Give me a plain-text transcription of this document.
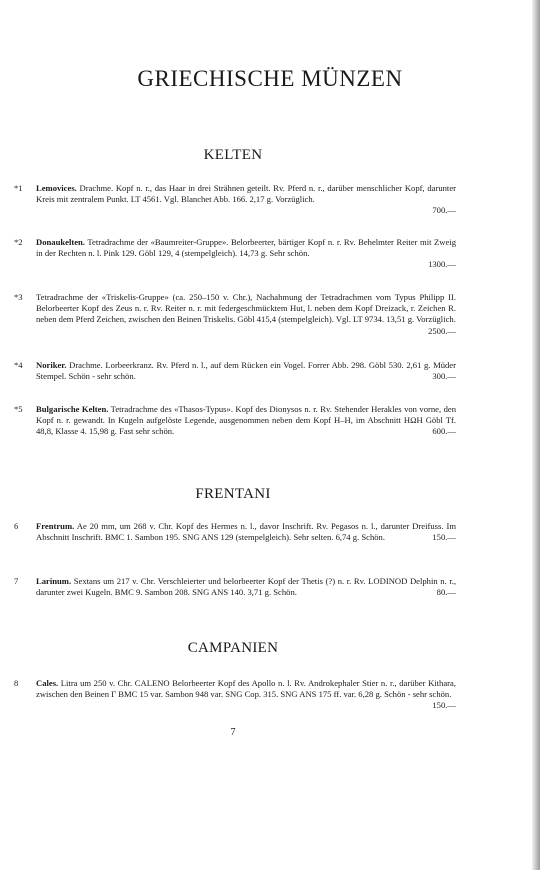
GRIECHISCHE MÜNZEN
KELTEN
*1	Lemovices. Drachme. Kopf n. r., das Haar in drei Strähnen geteilt. Rv. Pferd n. r., darüber menschlicher Kopf, darunter Kreis mit zentralem Punkt. LT 4561. Vgl. Blanchet Abb. 166. 2,17 g. Vorzüglich.
700.—
*2	Donaukelten. Tetradrachme der «Baumreiter-Gruppe». Belorbeerter, bärtiger Kopf n. r. Rv. Behelmter Reiter mit Zweig in der Rechten n. l. Pink 129. Göbl 129, 4 (stempelgleich). 14,73 g. Sehr schön.
1300.—
*3	Tetradrachme der «Triskelis-Gruppe» (ca. 250–150 v. Chr.), Nachahmung der Tetradrachmen vom Typus Philipp II. Belorbeerter Kopf des Zeus n. r. Rv. Reiter n. r. mit federgeschmücktem Hut, l. neben dem Kopf Dreizack, r. Zeichen R. neben dem Pferd Zeichen, zwischen den Beinen Triskelis. Göbl 415,4 (stempelgleich). Vgl. LT 9734. 13,51 g. Vorzüglich.
2500.—
*4	Noriker. Drachme. Lorbeerkranz. Rv. Pferd n. l., auf dem Rücken ein Vogel. Forrer Abb. 298. Göbl 530. 2,61 g. Müder Stempel. Schön - sehr schön.	300.—
*5	Bulgarische Kelten. Tetradrachme des «Thasos-Typus». Kopf des Dionysos n. r. Rv. Stehender Herakles von vorne, den Kopf n. r. gewandt. In Kugeln aufgelöste Legende, ausgenommen neben dem Kopf H–H, im Abschnitt HΩH Göbl Tf. 48,8, Klasse 4. 15,98 g. Fast sehr schön.	600.—
FRENTANI
6	Frentrum. Ae 20 mm, um 268 v. Chr. Kopf des Hermes n. l., davor Inschrift. Rv. Pegasos n. l., darunter Dreifuss. Im Abschnitt Inschrift. BMC 1. Sambon 195. SNG ANS 129 (stempelgleich). Sehr selten. 6,74 g. Schön.	150.—
7	Larinum. Sextans um 217 v. Chr. Verschleierter und belorbeerter Kopf der Thetis (?) n. r. Rv. LODINOD Delphin n. r., darunter zwei Kugeln. BMC 9. Sambon 208. SNG ANS 140. 3,71 g. Schön.	80.—
CAMPANIEN
8	Cales. Litra um 250 v. Chr. CALENO Belorbeerter Kopf des Apollo n. l. Rv. Androkephaler Stier n. r., darüber Kithara, zwischen den Beinen Γ BMC 15 var. Sambon 948 var. SNG Cop. 315. SNG ANS 175 ff. var. 6,28 g. Schön - sehr schön.
150.—
7
